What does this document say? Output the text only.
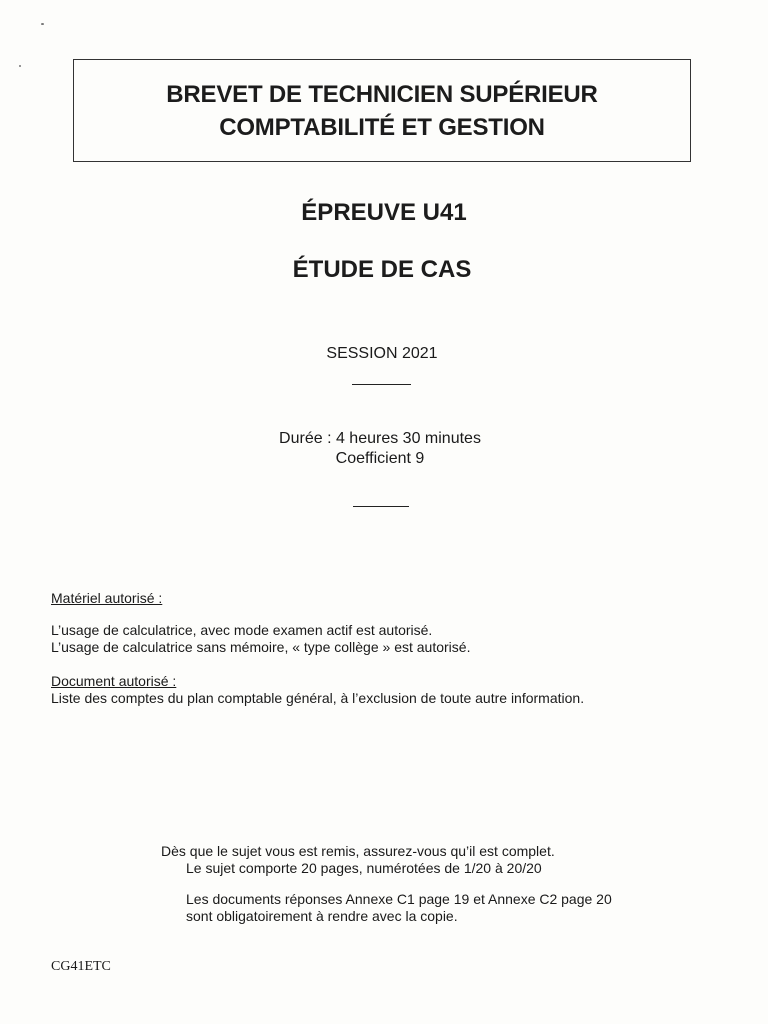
BREVET DE TECHNICIEN SUPÉRIEUR
COMPTABILITÉ ET GESTION
ÉPREUVE U41
ÉTUDE DE CAS
SESSION 2021
Durée : 4 heures 30 minutes
Coefficient 9
Matériel autorisé :
L’usage de calculatrice, avec mode examen actif est autorisé.
L’usage de calculatrice sans mémoire, « type collège » est autorisé.
Document autorisé :
Liste des comptes du plan comptable général, à l’exclusion de toute autre information.
Dès que le sujet vous est remis, assurez-vous qu’il est complet.
Le sujet comporte 20 pages, numérotées de 1/20 à 20/20
Les documents réponses Annexe C1 page 19 et Annexe C2 page 20
sont obligatoirement à rendre avec la copie.
CG41ETC
